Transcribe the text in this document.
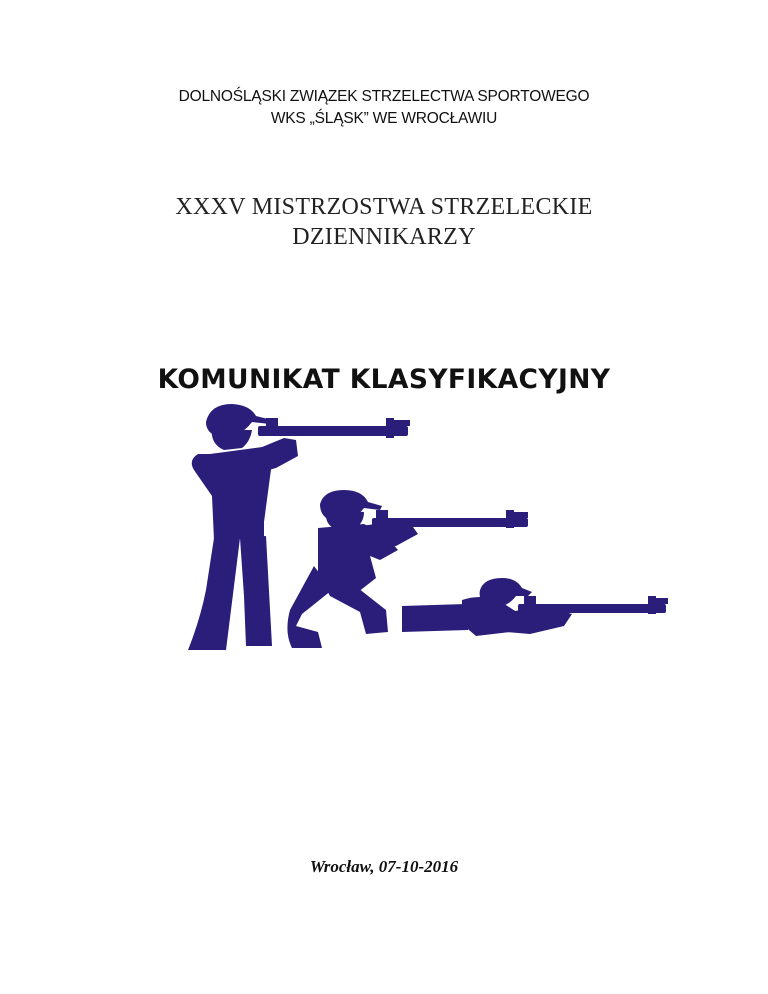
DOLNOŚLĄSKI ZWIĄZEK STRZELECTWA SPORTOWEGO
WKS „ŚLĄSK” WE WROCŁAWIU
XXXV MISTRZOSTWA STRZELECKIE
DZIENNIKARZY
KOMUNIKAT KLASYFIKACYJNY
Wrocław, 07-10-2016
